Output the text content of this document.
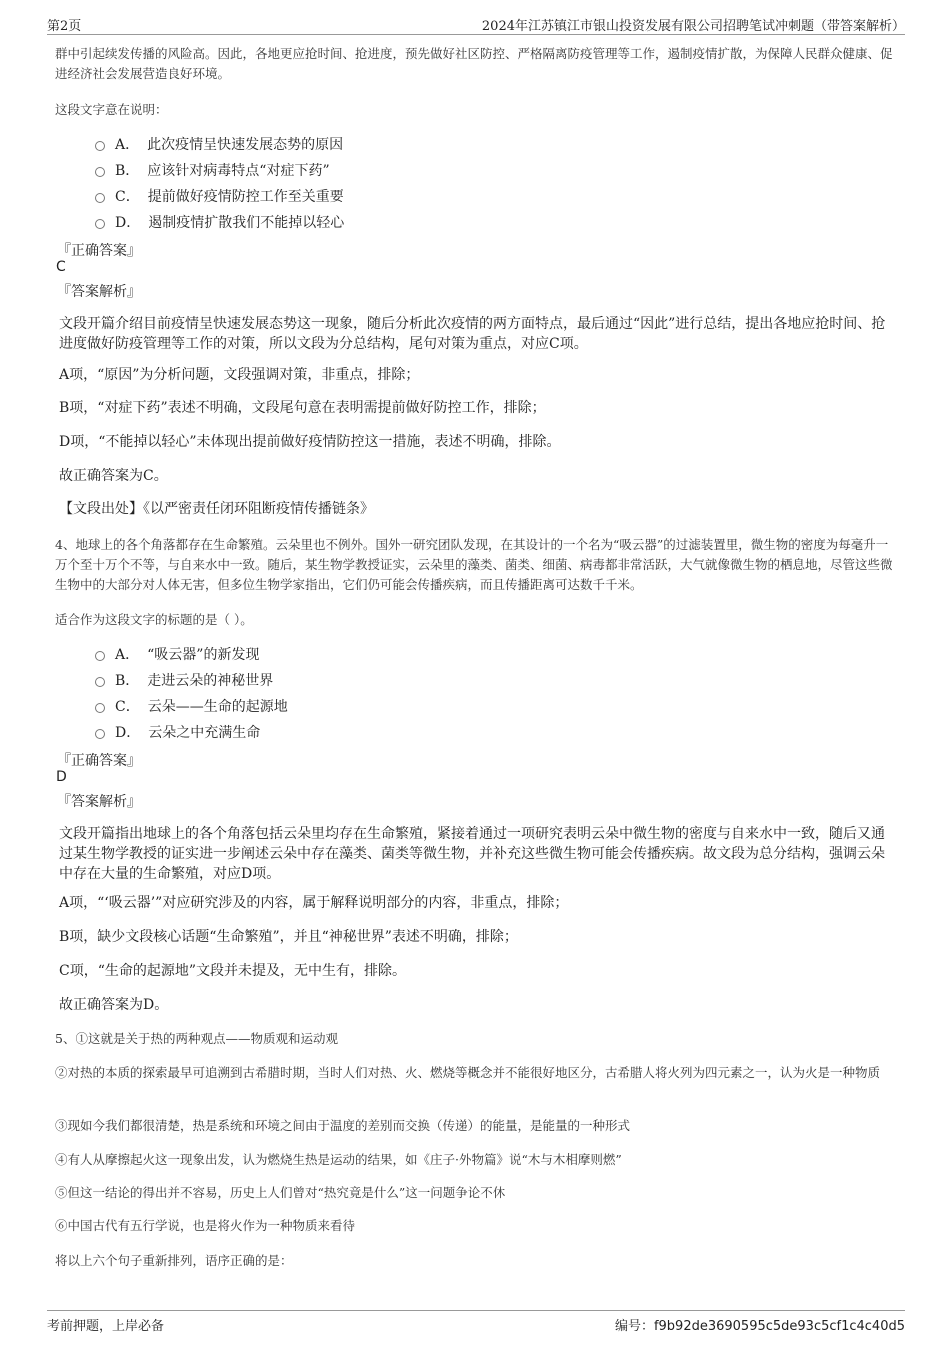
第2页	2024年江苏镇江市银山投资发展有限公司招聘笔试冲刺题（带答案解析）
群中引起续发传播的风险高。因此，各地更应抢时间、抢进度，预先做好社区防控、严格隔离防疫管理等工作，遏制疫情扩散，为保障人民群众健康、促进经济社会发展营造良好环境。
这段文字意在说明：
A． 此次疫情呈快速发展态势的原因
B． 应该针对病毒特点“对症下药”
C． 提前做好疫情防控工作至关重要
D． 遏制疫情扩散我们不能掉以轻心
『正确答案』
C
『答案解析』
文段开篇介绍目前疫情呈快速发展态势这一现象，随后分析此次疫情的两方面特点，最后通过“因此”进行总结，提出各地应抢时间、抢进度做好防疫管理等工作的对策，所以文段为分总结构，尾句对策为重点，对应C项。
A项，“原因”为分析问题，文段强调对策，非重点，排除；
B项，“对症下药”表述不明确，文段尾句意在表明需提前做好防控工作，排除；
D项，“不能掉以轻心”未体现出提前做好疫情防控这一措施，表述不明确，排除。
故正确答案为C。
【文段出处】《以严密责任闭环阻断疫情传播链条》
4、地球上的各个角落都存在生命繁殖。云朵里也不例外。国外一研究团队发现，在其设计的一个名为“吸云器”的过滤装置里，微生物的密度为每毫升一万个至十万个不等，与自来水中一致。随后，某生物学教授证实，云朵里的藻类、菌类、细菌、病毒都非常活跃，大气就像微生物的栖息地，尽管这些微生物中的大部分对人体无害，但多位生物学家指出，它们仍可能会传播疾病，而且传播距离可达数千千米。
适合作为这段文字的标题的是（ ）。
A． “吸云器”的新发现
B． 走进云朵的神秘世界
C． 云朵——生命的起源地
D． 云朵之中充满生命
『正确答案』
D
『答案解析』
文段开篇指出地球上的各个角落包括云朵里均存在生命繁殖，紧接着通过一项研究表明云朵中微生物的密度与自来水中一致，随后又通过某生物学教授的证实进一步阐述云朵中存在藻类、菌类等微生物，并补充这些微生物可能会传播疾病。故文段为总分结构，强调云朵中存在大量的生命繁殖，对应D项。
A项，“‘吸云器’”对应研究涉及的内容，属于解释说明部分的内容，非重点，排除；
B项，缺少文段核心话题“生命繁殖”，并且“神秘世界”表述不明确，排除；
C项，“生命的起源地”文段并未提及，无中生有，排除。
故正确答案为D。
5、①这就是关于热的两种观点——物质观和运动观
②对热的本质的探索最早可追溯到古希腊时期，当时人们对热、火、燃烧等概念并不能很好地区分，古希腊人将火列为四元素之一，认为火是一种物质
③现如今我们都很清楚，热是系统和环境之间由于温度的差别而交换（传递）的能量，是能量的一种形式
④有人从摩擦起火这一现象出发，认为燃烧生热是运动的结果，如《庄子·外物篇》说“木与木相摩则燃”
⑤但这一结论的得出并不容易，历史上人们曾对“热究竟是什么”这一问题争论不休
⑥中国古代有五行学说，也是将火作为一种物质来看待
将以上六个句子重新排列，语序正确的是：
考前押题，上岸必备	编号：f9b92de3690595c5de93c5cf1c4c40d5
